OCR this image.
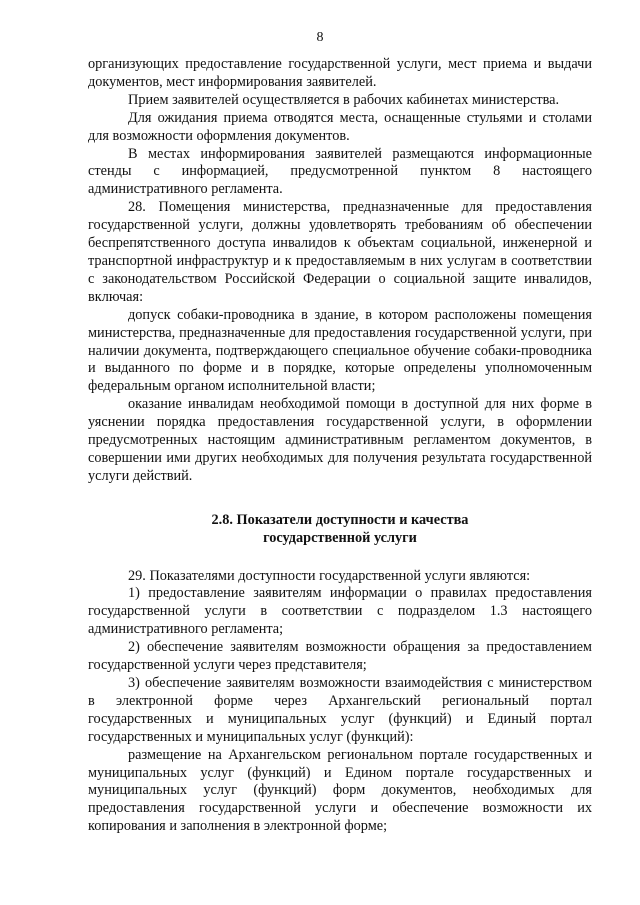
8

организующих предоставление государственной услуги, мест приема и выдачи документов, мест информирования заявителей.

Прием заявителей осуществляется в рабочих кабинетах министерства.

Для ожидания приема отводятся места, оснащенные стульями и столами для возможности оформления документов.

В местах информирования заявителей размещаются информационные стенды с информацией, предусмотренной пунктом 8 настоящего административного регламента.

28. Помещения министерства, предназначенные для предоставления государственной услуги, должны удовлетворять требованиям об обеспечении беспрепятственного доступа инвалидов к объектам социальной, инженерной и транспортной инфраструктур и к предоставляемым в них услугам в соответствии с законодательством Российской Федерации о социальной защите инвалидов, включая:

допуск собаки-проводника в здание, в котором расположены помещения министерства, предназначенные для предоставления государственной услуги, при наличии документа, подтверждающего специальное обучение собаки-проводника и выданного по форме и в порядке, которые определены уполномоченным федеральным органом исполнительной власти;

оказание инвалидам необходимой помощи в доступной для них форме в уяснении порядка предоставления государственной услуги, в оформлении предусмотренных настоящим административным регламентом документов, в совершении ими других необходимых для получения результата государственной услуги действий.

2.8. Показатели доступности и качества
государственной услуги

29. Показателями доступности государственной услуги являются:

1) предоставление заявителям информации о правилах предоставления государственной услуги в соответствии с подразделом 1.3 настоящего административного регламента;

2) обеспечение заявителям возможности обращения за предоставлением государственной услуги через представителя;

3) обеспечение заявителям возможности взаимодействия с министерством в электронной форме через Архангельский региональный портал государственных и муниципальных услуг (функций) и Единый портал государственных и муниципальных услуг (функций):

размещение на Архангельском региональном портале государственных и муниципальных услуг (функций) и Едином портале государственных и муниципальных услуг (функций) форм документов, необходимых для предоставления государственной услуги и обеспечение возможности их копирования и заполнения в электронной форме;
